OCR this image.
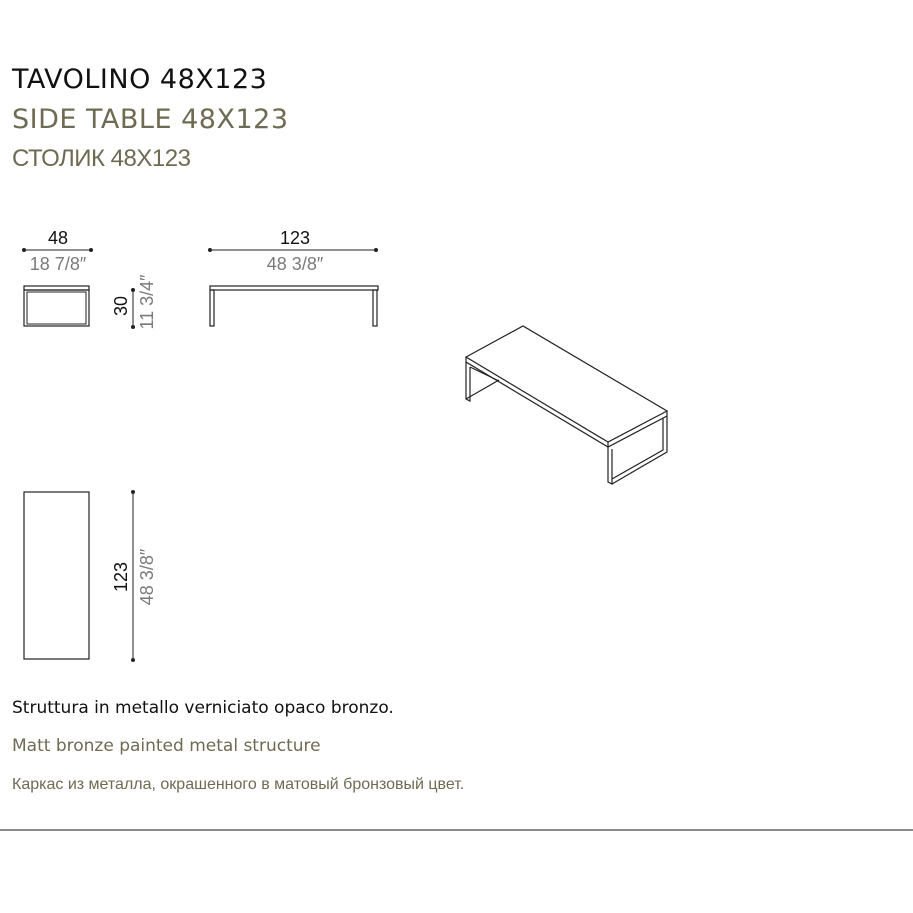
TAVOLINO 48X123
SIDE TABLE 48X123
СТОЛИК 48X123
48
18 7/8″
30 11 3/4″
123
48 3/8″
123 48 3/8″
Struttura in metallo verniciato opaco bronzo.
Matt bronze painted metal structure
Каркас из металла, окрашенного в матовый бронзовый цвет.
